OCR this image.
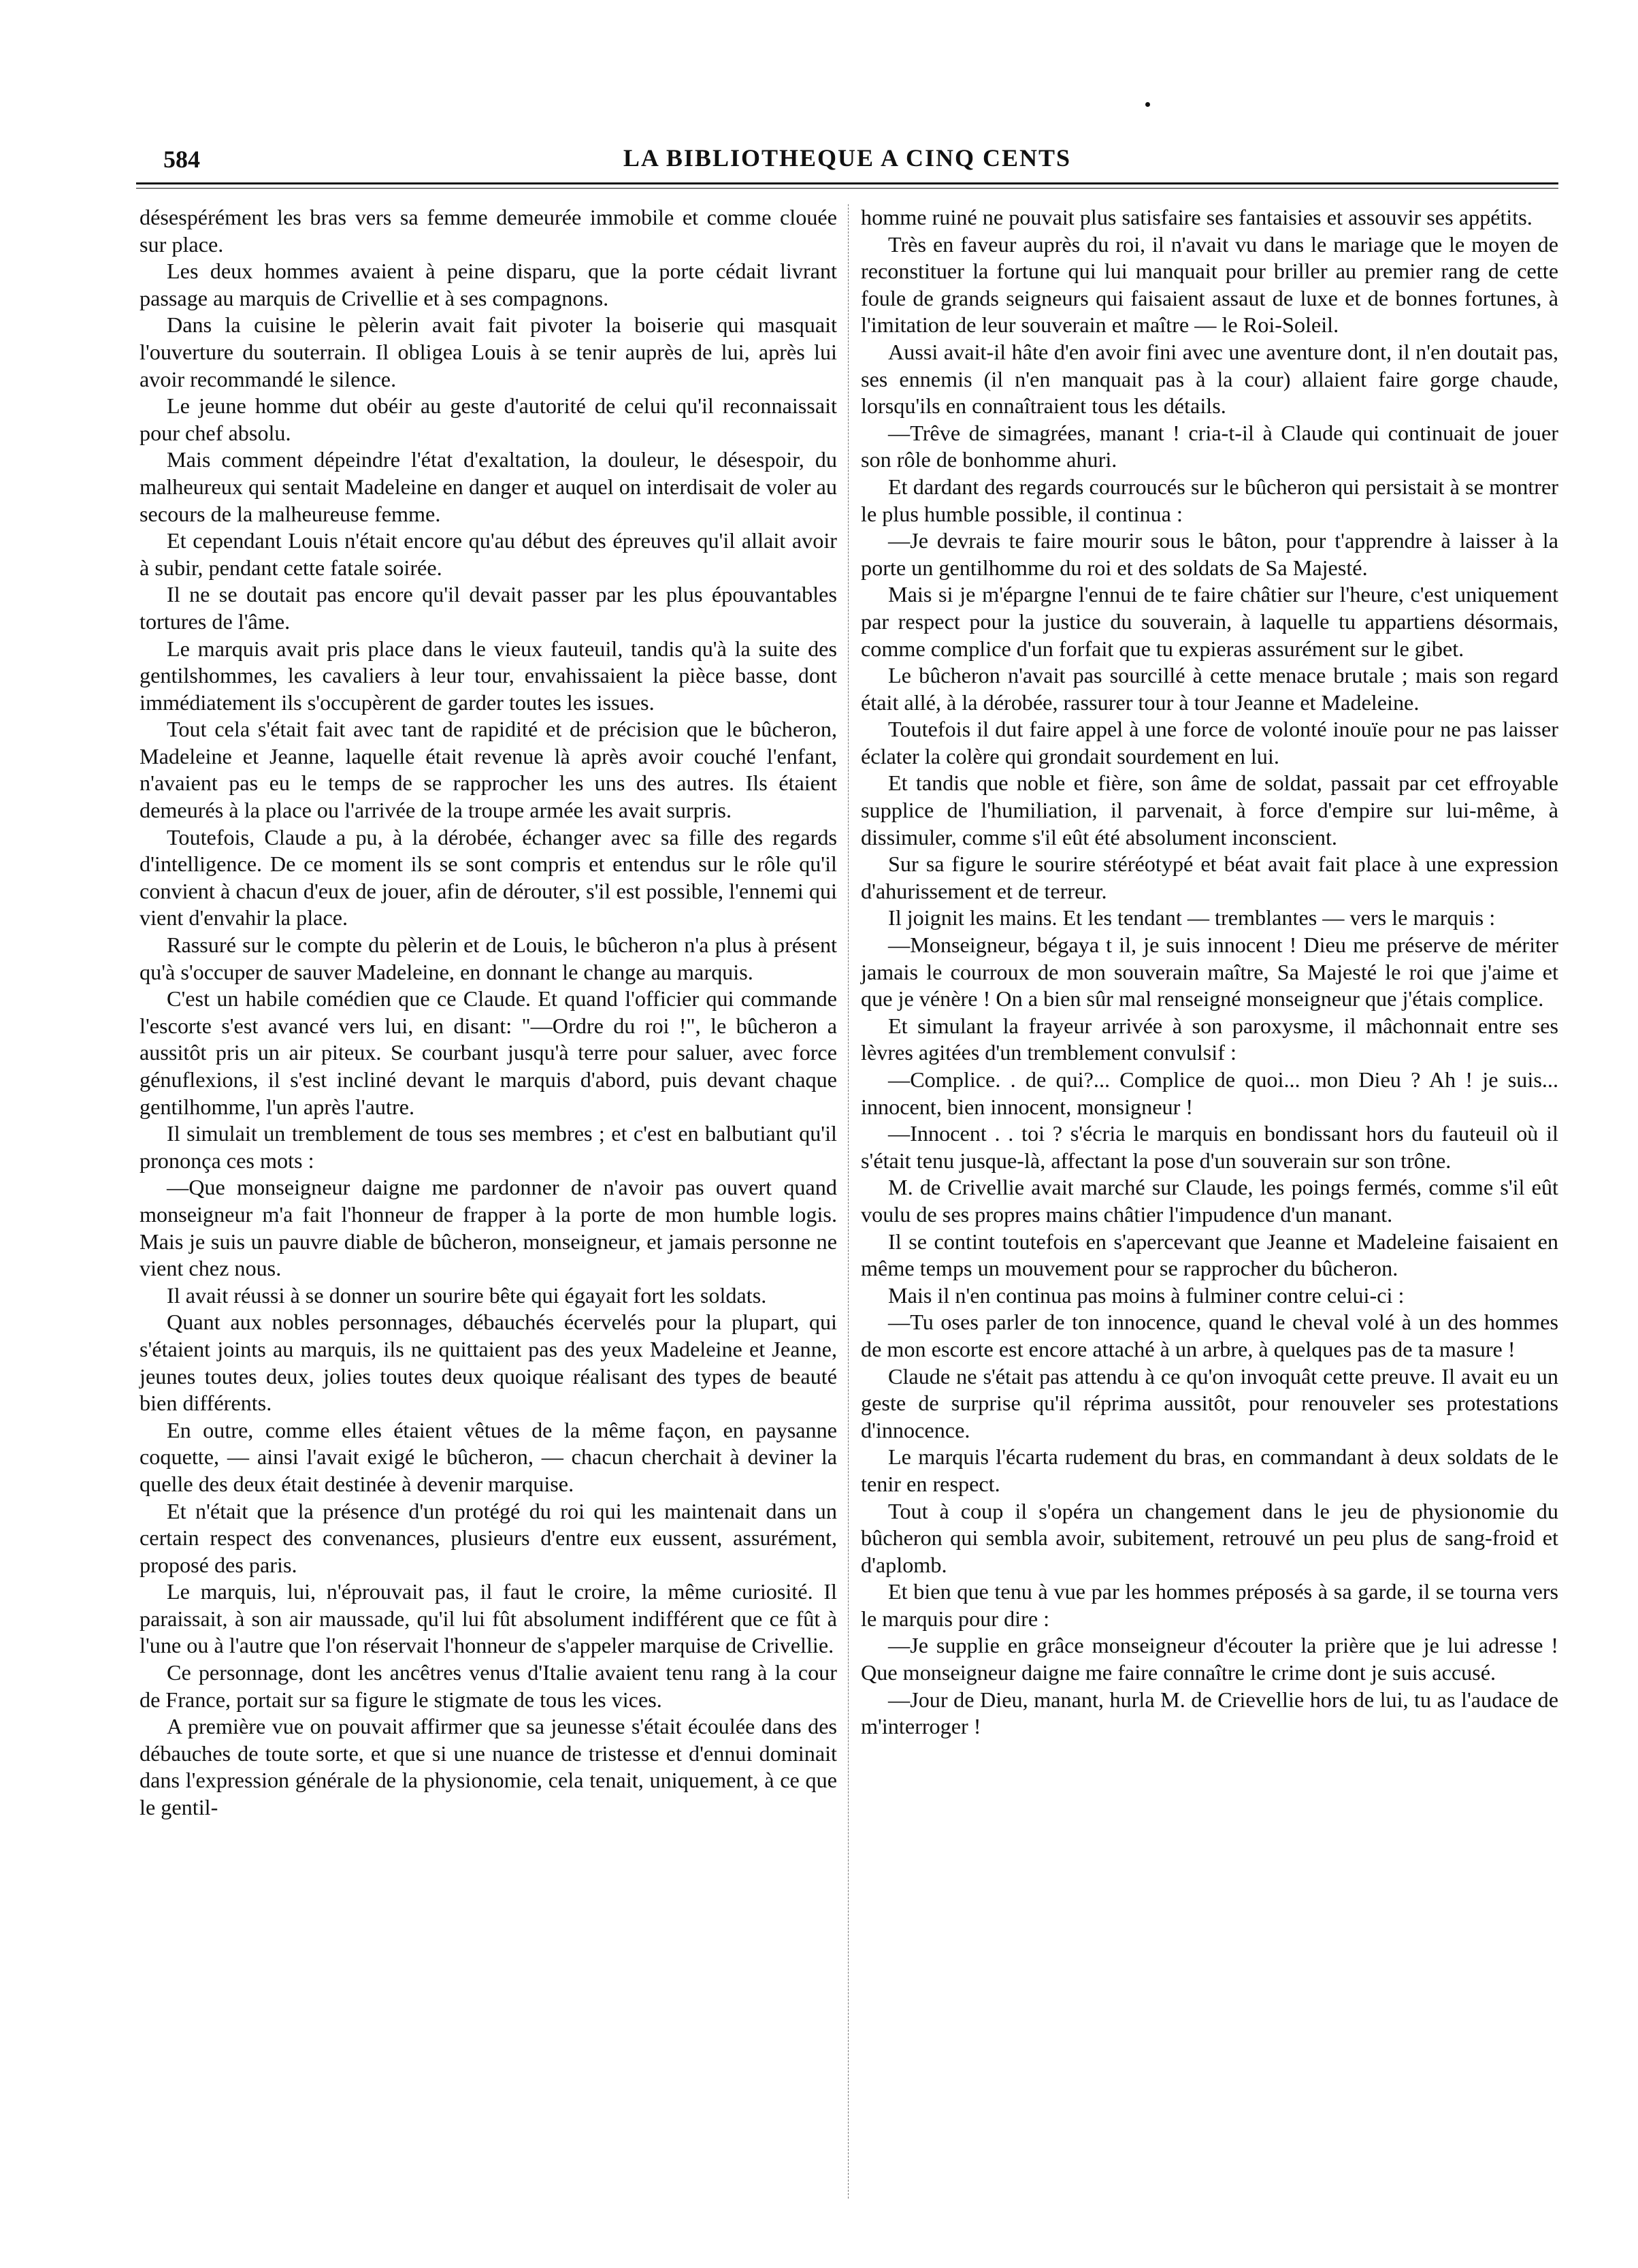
584	LA BIBLIOTHEQUE A CINQ CENTS

désespérément les bras vers sa femme demeurée immobile et comme clouée sur place.

Les deux hommes avaient à peine disparu, que la porte cédait livrant passage au marquis de Crivellie et à ses compagnons.

Dans la cuisine le pèlerin avait fait pivoter la boiserie qui masquait l'ouverture du souterrain. Il obligea Louis à se tenir auprès de lui, après lui avoir recommandé le silence.

Le jeune homme dut obéir au geste d'autorité de celui qu'il reconnaissait pour chef absolu.

Mais comment dépeindre l'état d'exaltation, la douleur, le désespoir, du malheureux qui sentait Madeleine en danger et auquel on interdisait de voler au secours de la malheureuse femme.

Et cependant Louis n'était encore qu'au début des épreuves qu'il allait avoir à subir, pendant cette fatale soirée.

Il ne se doutait pas encore qu'il devait passer par les plus épouvantables tortures de l'âme.

Le marquis avait pris place dans le vieux fauteuil, tandis qu'à la suite des gentilshommes, les cavaliers à leur tour, envahissaient la pièce basse, dont immédiatement ils s'occupèrent de garder toutes les issues.

Tout cela s'était fait avec tant de rapidité et de précision que le bûcheron, Madeleine et Jeanne, laquelle était revenue là après avoir couché l'enfant, n'avaient pas eu le temps de se rapprocher les uns des autres. Ils étaient demeurés à la place ou l'arrivée de la troupe armée les avait surpris.

Toutefois, Claude a pu, à la dérobée, échanger avec sa fille des regards d'intelligence. De ce moment ils se sont compris et entendus sur le rôle qu'il convient à chacun d'eux de jouer, afin de dérouter, s'il est possible, l'ennemi qui vient d'envahir la place.

Rassuré sur le compte du pèlerin et de Louis, le bûcheron n'a plus à présent qu'à s'occuper de sauver Madeleine, en donnant le change au marquis.

C'est un habile comédien que ce Claude. Et quand l'officier qui commande l'escorte s'est avancé vers lui, en disant: "—Ordre du roi !", le bûcheron a aussitôt pris un air piteux. Se courbant jusqu'à terre pour saluer, avec force génuflexions, il s'est incliné devant le marquis d'abord, puis devant chaque gentilhomme, l'un après l'autre.

Il simulait un tremblement de tous ses membres ; et c'est en balbutiant qu'il prononça ces mots :

—Que monseigneur daigne me pardonner de n'avoir pas ouvert quand monseigneur m'a fait l'honneur de frapper à la porte de mon humble logis. Mais je suis un pauvre diable de bûcheron, monseigneur, et jamais personne ne vient chez nous.

Il avait réussi à se donner un sourire bête qui égayait fort les soldats.

Quant aux nobles personnages, débauchés écervelés pour la plupart, qui s'étaient joints au marquis, ils ne quittaient pas des yeux Madeleine et Jeanne, jeunes toutes deux, jolies toutes deux quoique réalisant des types de beauté bien différents.

En outre, comme elles étaient vêtues de la même façon, en paysanne coquette, — ainsi l'avait exigé le bûcheron, — chacun cherchait à deviner la quelle des deux était destinée à devenir marquise.

Et n'était que la présence d'un protégé du roi qui les maintenait dans un certain respect des convenances, plusieurs d'entre eux eussent, assurément, proposé des paris.

Le marquis, lui, n'éprouvait pas, il faut le croire, la même curiosité. Il paraissait, à son air maussade, qu'il lui fût absolument indifférent que ce fût à l'une ou à l'autre que l'on réservait l'honneur de s'appeler marquise de Crivellie.

Ce personnage, dont les ancêtres venus d'Italie avaient tenu rang à la cour de France, portait sur sa figure le stigmate de tous les vices.

A première vue on pouvait affirmer que sa jeunesse s'était écoulée dans des débauches de toute sorte, et que si une nuance de tristesse et d'ennui dominait dans l'expression générale de la physionomie, cela tenait, uniquement, à ce que le gentil-

homme ruiné ne pouvait plus satisfaire ses fantaisies et assouvir ses appétits.

Très en faveur auprès du roi, il n'avait vu dans le mariage que le moyen de reconstituer la fortune qui lui manquait pour briller au premier rang de cette foule de grands seigneurs qui faisaient assaut de luxe et de bonnes fortunes, à l'imitation de leur souverain et maître — le Roi-Soleil.

Aussi avait-il hâte d'en avoir fini avec une aventure dont, il n'en doutait pas, ses ennemis (il n'en manquait pas à la cour) allaient faire gorge chaude, lorsqu'ils en connaîtraient tous les détails.

—Trêve de simagrées, manant ! cria-t-il à Claude qui continuait de jouer son rôle de bonhomme ahuri.

Et dardant des regards courroucés sur le bûcheron qui persistait à se montrer le plus humble possible, il continua :

—Je devrais te faire mourir sous le bâton, pour t'apprendre à laisser à la porte un gentilhomme du roi et des soldats de Sa Majesté.

Mais si je m'épargne l'ennui de te faire châtier sur l'heure, c'est uniquement par respect pour la justice du souverain, à laquelle tu appartiens désormais, comme complice d'un forfait que tu expieras assurément sur le gibet.

Le bûcheron n'avait pas sourcillé à cette menace brutale ; mais son regard était allé, à la dérobée, rassurer tour à tour Jeanne et Madeleine.

Toutefois il dut faire appel à une force de volonté inouïe pour ne pas laisser éclater la colère qui grondait sourdement en lui.

Et tandis que noble et fière, son âme de soldat, passait par cet effroyable supplice de l'humiliation, il parvenait, à force d'empire sur lui-même, à dissimuler, comme s'il eût été absolument inconscient.

Sur sa figure le sourire stéréotypé et béat avait fait place à une expression d'ahurissement et de terreur.

Il joignit les mains. Et les tendant — tremblantes — vers le marquis :

—Monseigneur, bégaya t il, je suis innocent ! Dieu me préserve de mériter jamais le courroux de mon souverain maître, Sa Majesté le roi que j'aime et que je vénère ! On a bien sûr mal renseigné monseigneur que j'étais complice.

Et simulant la frayeur arrivée à son paroxysme, il mâchonnait entre ses lèvres agitées d'un tremblement convulsif :

—Complice. . de qui?... Complice de quoi... mon Dieu ? Ah ! je suis... innocent, bien innocent, monsigneur !

—Innocent . . toi ? s'écria le marquis en bondissant hors du fauteuil où il s'était tenu jusque-là, affectant la pose d'un souverain sur son trône.

M. de Crivellie avait marché sur Claude, les poings fermés, comme s'il eût voulu de ses propres mains châtier l'impudence d'un manant.

Il se contint toutefois en s'apercevant que Jeanne et Madeleine faisaient en même temps un mouvement pour se rapprocher du bûcheron.

Mais il n'en continua pas moins à fulminer contre celui-ci :

—Tu oses parler de ton innocence, quand le cheval volé à un des hommes de mon escorte est encore attaché à un arbre, à quelques pas de ta masure !

Claude ne s'était pas attendu à ce qu'on invoquât cette preuve. Il avait eu un geste de surprise qu'il réprima aussitôt, pour renouveler ses protestations d'innocence.

Le marquis l'écarta rudement du bras, en commandant à deux soldats de le tenir en respect.

Tout à coup il s'opéra un changement dans le jeu de physionomie du bûcheron qui sembla avoir, subitement, retrouvé un peu plus de sang-froid et d'aplomb.

Et bien que tenu à vue par les hommes préposés à sa garde, il se tourna vers le marquis pour dire :

—Je supplie en grâce monseigneur d'écouter la prière que je lui adresse ! Que monseigneur daigne me faire connaître le crime dont je suis accusé.

—Jour de Dieu, manant, hurla M. de Crievellie hors de lui, tu as l'audace de m'interroger !
